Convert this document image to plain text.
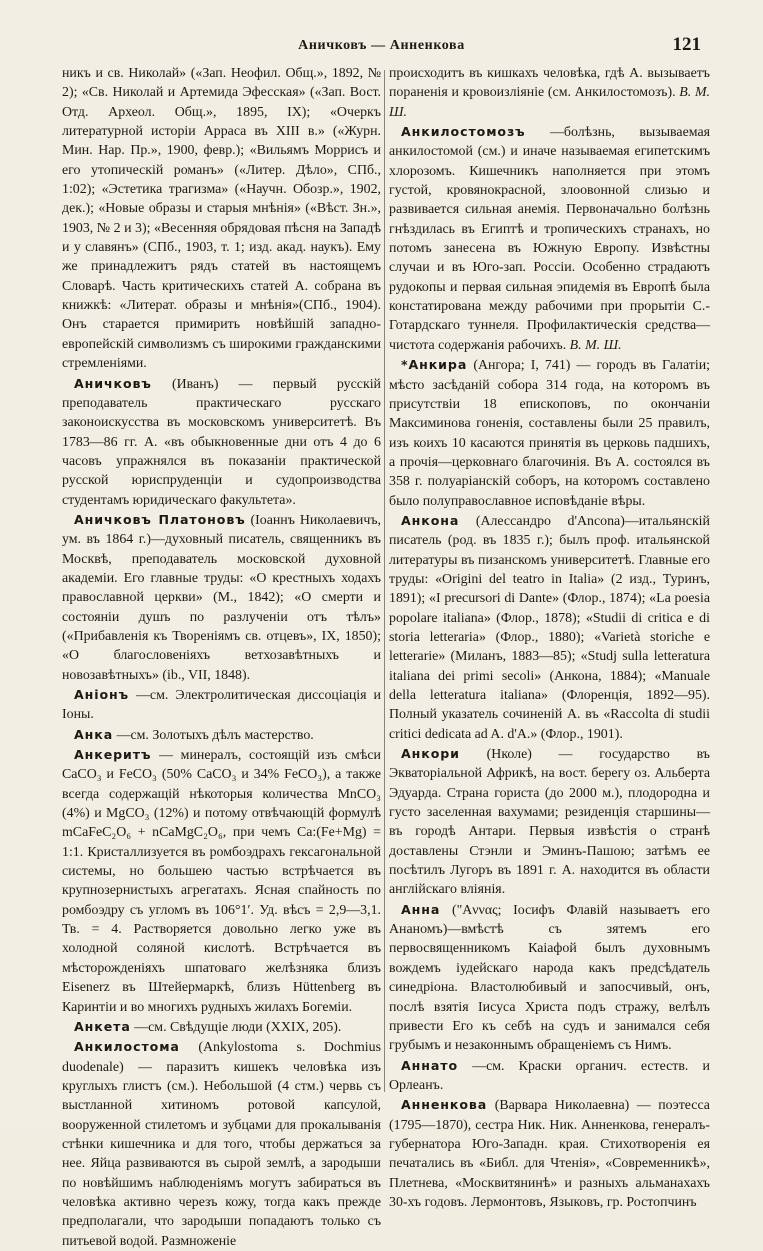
Аничковъ — Анненкова	121

никъ и св. Николай» («Зап. Неофил. Общ.», 1892, № 2); «Св. Николай и Артемида Эфесская» («Зап. Вост. Отд. Археол. Общ.», 1895, IX); «Очеркъ литературной исторіи Арраса въ XIII в.» («Журн. Мин. Нар. Пр.», 1900, февр.); «Вильямъ Моррисъ и его утопическій романъ» («Литер. Дѣло», СПб., 1:02); «Эстетика трагизма» («Научн. Обозр.», 1902, дек.); «Новые образы и старыя мнѣнія» («Вѣст. Зн.», 1903, № 2 и 3); «Весенняя обрядовая пѣсня на Западѣ и у славянъ» (СПб., 1903, т. 1; изд. акад. наукъ). Ему же принадлежитъ рядъ статей въ настоящемъ Словарѣ. Часть критическихъ статей А. собрана въ книжкѣ: «Литерат. образы и мнѣнія»(СПб., 1904). Онъ старается примирить новѣйшій западно-европейскій символизмъ съ широкими гражданскими стремленіями.

Аничковъ (Иванъ) — первый русскій преподаватель практическаго русскаго законоискусства въ московскомъ университетѣ. Въ 1783—86 гг. А. «въ обыкновенные дни отъ 4 до 6 часовъ упражнялся въ показаніи практической русской юриспруденціи и судопроизводства студентамъ юридическаго факультета».

Аничковъ Платоновъ (Іоаннъ Николаевичъ, ум. въ 1864 г.)—духовный писатель, священникъ въ Москвѣ, преподаватель московской духовной академіи. Его главные труды: «О крестныхъ ходахъ православной церкви» (М., 1842); «О смерти и состояніи душъ по разлученіи отъ тѣлъ» («Прибавленія къ Твореніямъ св. отцевъ», IX, 1850); «О благословеніяхъ ветхозавѣтныхъ и новозавѣтныхъ» (ib., VII, 1848).

Аніонъ —см. Электролитическая диссоціація и Іоны.

Анка —см. Золотыхъ дѣлъ мастерство.

Анкеритъ — минералъ, состоящій изъ смѣси CaCO₃ и FeCO₃ (50% CaCO₃ и 34% FeCO₃), а также всегда содержащій нѣкоторыя количества MnCO₃ (4%) и MgCO₃ (12%) и потому отвѣчающій формулѣ mCaFeC₂O₆ + nCaMgC₂O₆, при чемъ Ca:(Fe+Mg) = 1:1. Кристаллизуется въ ромбоэдрахъ гексагональной системы, но большею частью встрѣчается въ крупнозернистыхъ агрегатахъ. Ясная спайность по ромбоэдру съ угломъ въ 106°1′. Уд. вѣсъ = 2,9—3,1. Тв. = 4. Растворяется довольно легко уже въ холодной соляной кислотѣ. Встрѣчается въ мѣсторожденіяхъ шпатоваго желѣзняка близъ Eisenerz въ Штейермаркѣ, близъ Hüttenberg въ Каринтіи и во многихъ рудныхъ жилахъ Богеміи.

Анкета —см. Свѣдущіе люди (XXIX, 205).

Анкилостома (Ankylostoma s. Dochmius duodenale) — паразитъ кишекъ человѣка изъ круглыхъ глистъ (см.). Небольшой (4 стм.) червь съ выстланной хитиномъ ротовой капсулой, вооруженной стилетомъ и зубцами для прокалыванія стѣнки кишечника и для того, чтобы держаться за нее. Яйца развиваются въ сырой землѣ, а зародыши по новѣйшимъ наблюденіямъ могутъ забираться въ человѣка активно черезъ кожу, тогда какъ прежде предполагали, что зародыши попадаютъ только съ питьевой водой. Размноженіе

происходитъ въ кишкахъ человѣка, гдѣ А. вызываетъ пораненія и кровоизліяніе (см. Анкилостомозъ). В. М. Ш.

Анкилостомозъ —болѣзнь, вызываемая анкилостомой (см.) и иначе называемая египетскимъ хлорозомъ. Кишечникъ наполняется при этомъ густой, кровянокрасной, злоовонной слизью и развивается сильная анемія. Первоначально болѣзнь гнѣздилась въ Египтѣ и тропическихъ странахъ, но потомъ занесена въ Южную Европу. Извѣстны случаи и въ Юго-зап. Россіи. Особенно страдаютъ рудокопы и первая сильная эпидемія въ Европѣ была констатирована между рабочими при прорытіи С.-Готардскаго туннеля. Профилактическія средства—чистота содержанія рабочихъ. В. М. Ш.

*Анкира (Ангора; I, 741) — городъ въ Галатіи; мѣсто засѣданій собора 314 года, на которомъ въ присутствіи 18 епископовъ, по окончаніи Максиминова гоненія, составлены были 25 правилъ, изъ коихъ 10 касаются принятія въ церковь падшихъ, а прочія—церковнаго благочинія. Въ А. состоялся въ 358 г. полуаріанскій соборъ, на которомъ составлено было полуправославное исповѣданіе вѣры.

Анкона (Алессандро d'Ancona)—итальянскій писатель (род. въ 1835 г.); былъ проф. итальянской литературы въ пизанскомъ университетѣ. Главные его труды: «Origini del teatro in Italia» (2 изд., Туринъ, 1891); «I precursori di Dante» (Флор., 1874); «La poesia popolare italiana» (Флор., 1878); «Studii di critica e di storia letteraria» (Флор., 1880); «Varietà storiche e letterarie» (Миланъ, 1883—85); «Studj sulla letteratura italiana dei primi secoli» (Анкона, 1884); «Manuale della letteratura italiana» (Флоренція, 1892—95). Полный указатель сочиненій А. въ «Raccolta di studii critici dedicata ad A. d'A.» (Флор., 1901).

Анкори (Нколе) — государство въ Экваторіальной Африкѣ, на вост. берегу оз. Альберта Эдуарда. Страна гориста (до 2000 м.), плодородна и густо заселенная вахумами; резиденція старшины—въ городѣ Антари. Первыя извѣстія о странѣ доставлены Стэнли и Эминъ-Пашою; затѣмъ ее посѣтилъ Лугоръ въ 1891 г. А. находится въ области англійскаго вліянія.

Анна ("Аννας; Іосифъ Флавій называетъ его Ананомъ)—вмѣстѣ съ зятемъ его первосвященникомъ Каіафой былъ духовнымъ вождемъ іудейскаго народа какъ предсѣдатель синедріона. Властолюбивый и запосчивый, онъ, послѣ взятія Іисуса Христа подъ стражу, велѣлъ привести Его къ себѣ на судъ и занимался себя грубымъ и незаконнымъ обращеніемъ съ Нимъ.

Аннато —см. Краски органич. естеств. и Орлеанъ.

Анненкова (Варвара Николаевна) — поэтесса (1795—1870), сестра Ник. Ник. Анненкова, генералъ-губернатора Юго-Западн. края. Стихотворенія ея печатались въ «Библ. для Чтенія», «Современникѣ», Плетнева, «Москвитянинѣ» и разныхъ альманахахъ 30-хъ годовъ. Лермонтовъ, Языковъ, гр. Ростопчинъ
